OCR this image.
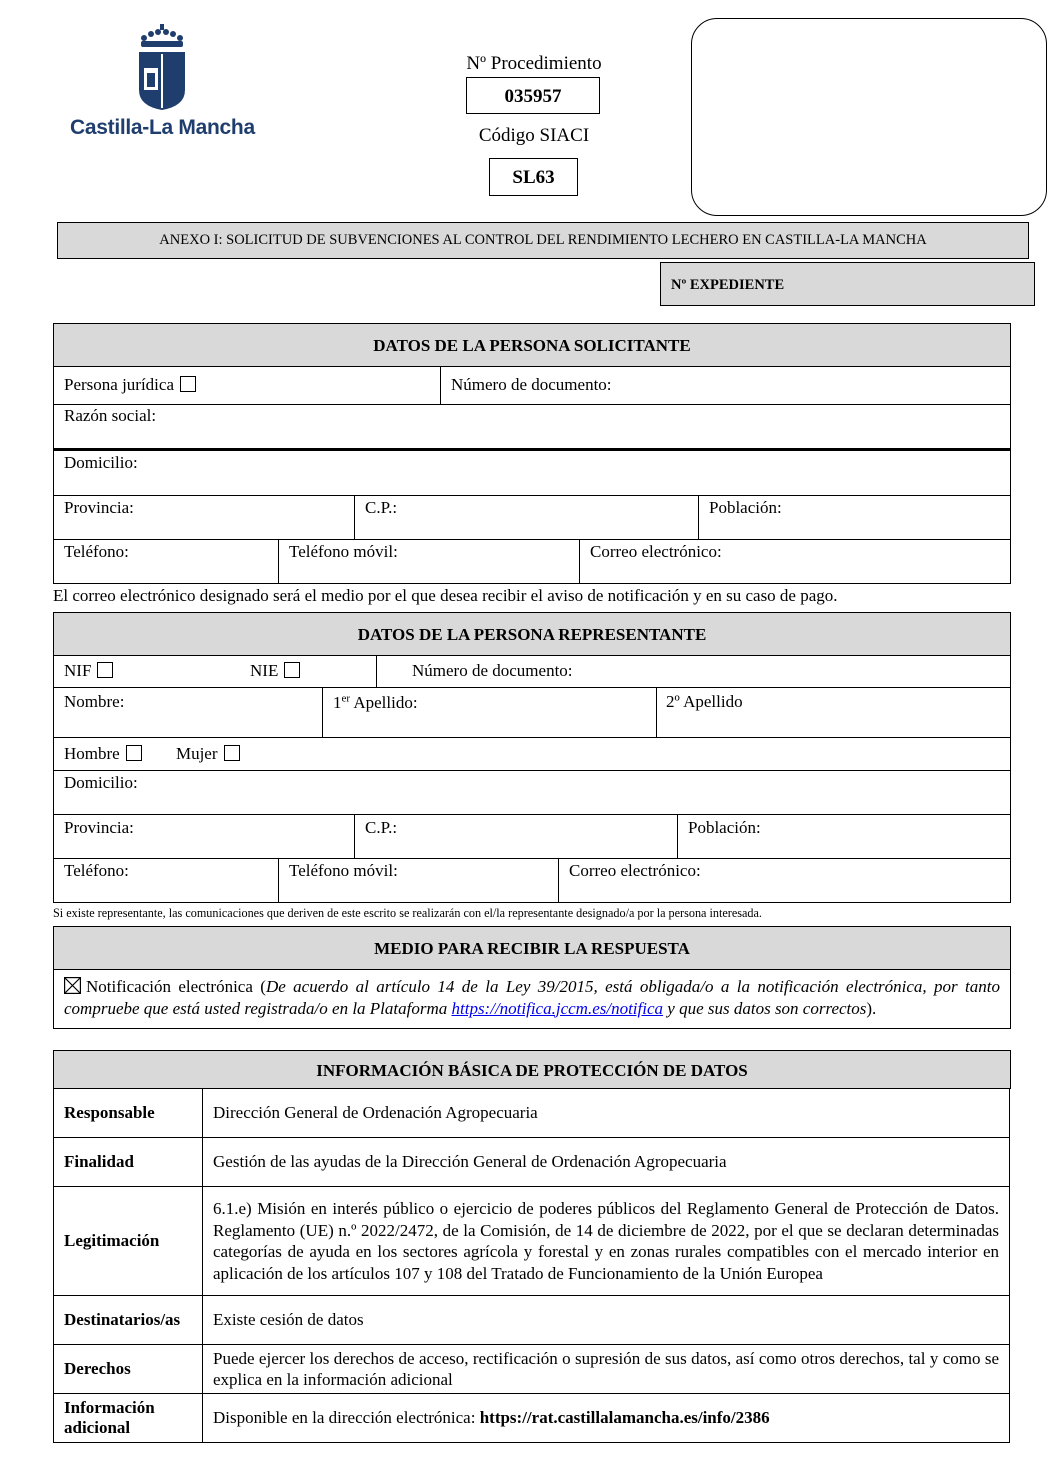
Castilla-La Mancha
Nº Procedimiento
035957
Código SIACI
SL63
ANEXO I: SOLICITUD DE SUBVENCIONES AL CONTROL DEL RENDIMIENTO LECHERO EN CASTILLA-LA MANCHA
Nº EXPEDIENTE
DATOS DE LA PERSONA SOLICITANTE
Persona jurídica	Número de documento:
Razón social:
Domicilio:
Provincia:	C.P.:	Población:
Teléfono:	Teléfono móvil:	Correo electrónico:
El correo electrónico designado será el medio por el que desea recibir el aviso de notificación y en su caso de pago.
DATOS DE LA PERSONA REPRESENTANTE
NIF	NIE	Número de documento:
Nombre:	1er Apellido:	2º Apellido
Hombre	Mujer
Domicilio:
Provincia:	C.P.:	Población:
Teléfono:	Teléfono móvil:	Correo electrónico:
Si existe representante, las comunicaciones que deriven de este escrito se realizarán con el/la representante designado/a por la persona interesada.
MEDIO PARA RECIBIR LA RESPUESTA
Notificación electrónica (De acuerdo al artículo 14 de la Ley 39/2015, está obligada/o a la notificación electrónica, por tanto compruebe que está usted registrada/o en la Plataforma https://notifica.jccm.es/notifica y que sus datos son correctos).
INFORMACIÓN BÁSICA DE PROTECCIÓN DE DATOS
Responsable	Dirección General de Ordenación Agropecuaria
Finalidad	Gestión de las ayudas de la Dirección General de Ordenación Agropecuaria
Legitimación	6.1.e) Misión en interés público o ejercicio de poderes públicos del Reglamento General de Protección de Datos. Reglamento (UE) n.º 2022/2472, de la Comisión, de 14 de diciembre de 2022, por el que se declaran determinadas categorías de ayuda en los sectores agrícola y forestal y en zonas rurales compatibles con el mercado interior en aplicación de los artículos 107 y 108 del Tratado de Funcionamiento de la Unión Europea
Destinatarios/as	Existe cesión de datos
Derechos	Puede ejercer los derechos de acceso, rectificación o supresión de sus datos, así como otros derechos, tal y como se explica en la información adicional
Información adicional	Disponible en la dirección electrónica: https://rat.castillalamancha.es/info/2386
